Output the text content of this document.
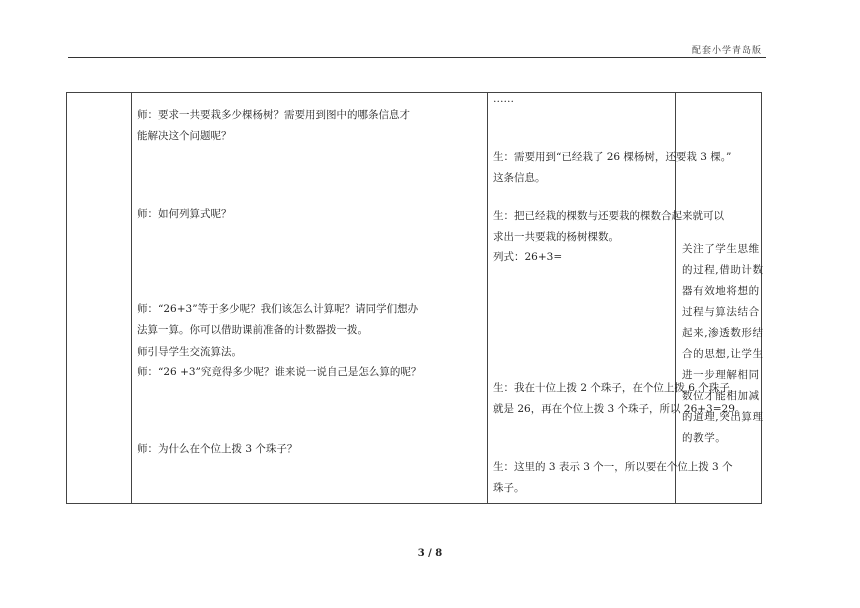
配套小学青岛版

师：要求一共要栽多少棵杨树？需要用到图中的哪条信息才

能解决这个问题呢？

师：如何列算式呢？

师：“26+3”等于多少呢？我们该怎么计算呢？请同学们想办

法算一算。你可以借助课前准备的计数器拨一拨。

师引导学生交流算法。

师：“26 +3”究竟得多少呢？谁来说一说自己是怎么算的呢？

师：为什么在个位上拨 3 个珠子？

……

生：需要用到“已经栽了 26 棵杨树，还要栽 3 棵。”

这条信息。

生：把已经栽的棵数与还要栽的棵数合起来就可以

求出一共要栽的杨树棵数。

列式：26+3=

生：我在十位上拨 2 个珠子，在个位上拨 6 个珠子，

就是 26，再在个位上拨 3 个珠子，所以 26+3=29。

生：这里的 3 表示 3 个一，所以要在个位上拨 3 个

珠子。

关注了学生思维
的过程,借助计数
器有效地将想的
过程与算法结合
起来,渗透数形结
合的思想,让学生
进一步理解相同
数位才能相加减
的道理,突出算理
的教学。
3 / 8
